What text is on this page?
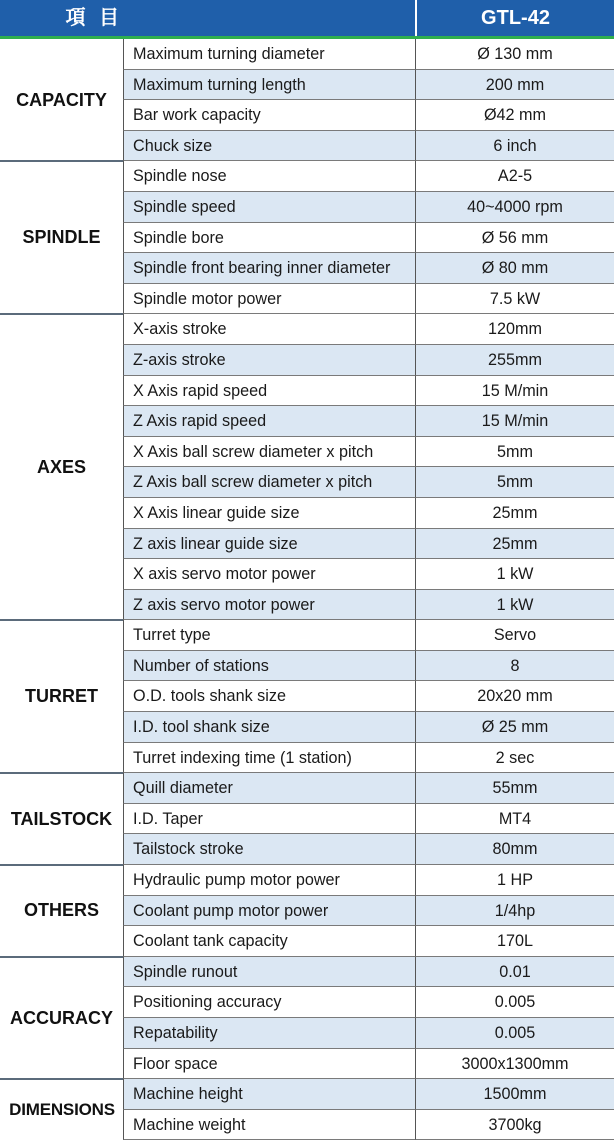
項 目	GTL-42
CAPACITY
Maximum turning diameter	Ø 130 mm
Maximum turning length	200 mm
Bar work capacity	Ø42 mm
Chuck size	6 inch
SPINDLE
Spindle nose	A2-5
Spindle speed	40~4000 rpm
Spindle bore	Ø 56 mm
Spindle front bearing inner diameter	Ø 80 mm
Spindle motor power	7.5 kW
AXES
X-axis stroke	120mm
Z-axis stroke	255mm
X Axis rapid speed	15 M/min
Z Axis rapid speed	15 M/min
X Axis ball screw diameter x pitch	5mm
Z Axis ball screw diameter x pitch	5mm
X Axis linear guide size	25mm
Z axis linear guide size	25mm
X axis servo motor power	1 kW
Z axis servo motor power	1 kW
TURRET
Turret type	Servo
Number of stations	8
O.D. tools shank size	20x20 mm
I.D. tool shank size	Ø 25 mm
Turret indexing time (1 station)	2 sec
TAILSTOCK
Quill diameter	55mm
I.D. Taper	MT4
Tailstock stroke	80mm
OTHERS
Hydraulic pump motor power	1 HP
Coolant pump motor power	1/4hp
Coolant tank capacity	170L
ACCURACY
Spindle runout	0.01
Positioning accuracy	0.005
Repatability	0.005
Floor space	3000x1300mm
DIMENSIONS
Machine height	1500mm
Machine weight	3700kg
